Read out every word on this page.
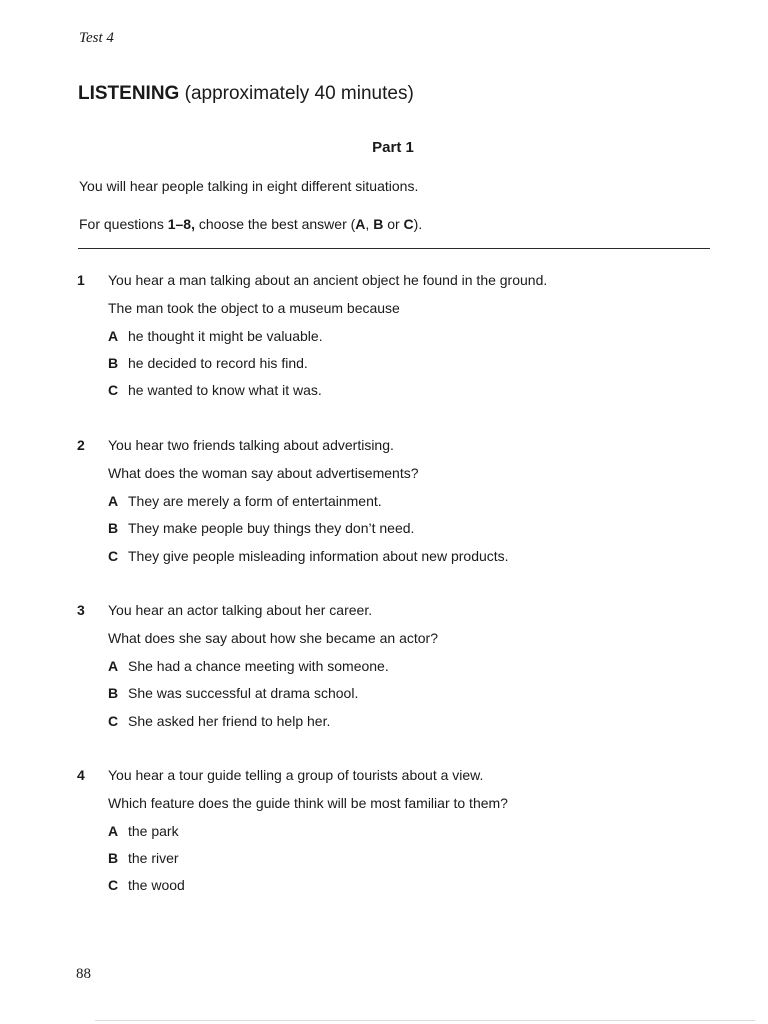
Test 4
LISTENING (approximately 40 minutes)
Part 1
You will hear people talking in eight different situations.
For questions 1–8, choose the best answer (A, B or C).
1 You hear a man talking about an ancient object he found in the ground.
The man took the object to a museum because
A he thought it might be valuable.
B he decided to record his find.
C he wanted to know what it was.
2 You hear two friends talking about advertising.
What does the woman say about advertisements?
A They are merely a form of entertainment.
B They make people buy things they don’t need.
C They give people misleading information about new products.
3 You hear an actor talking about her career.
What does she say about how she became an actor?
A She had a chance meeting with someone.
B She was successful at drama school.
C She asked her friend to help her.
4 You hear a tour guide telling a group of tourists about a view.
Which feature does the guide think will be most familiar to them?
A the park
B the river
C the wood
88
